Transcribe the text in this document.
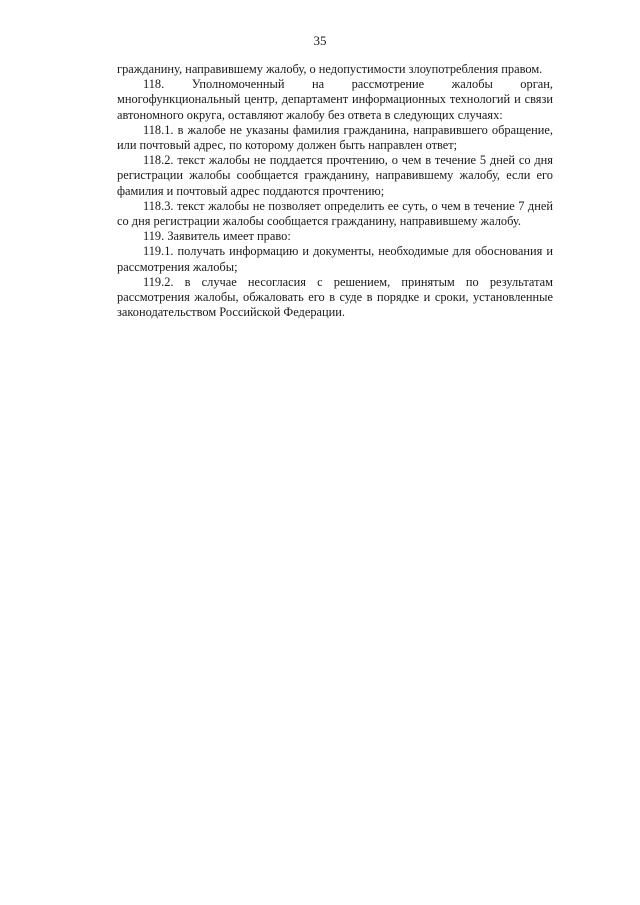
35

гражданину, направившему жалобу, о недопустимости злоупотребления правом.

118. Уполномоченный на рассмотрение жалобы орган, многофункциональный центр, департамент информационных технологий и связи автономного округа, оставляют жалобу без ответа в следующих случаях:

118.1. в жалобе не указаны фамилия гражданина, направившего обращение, или почтовый адрес, по которому должен быть направлен ответ;

118.2. текст жалобы не поддается прочтению, о чем в течение 5 дней со дня регистрации жалобы сообщается гражданину, направившему жалобу, если его фамилия и почтовый адрес поддаются прочтению;

118.3. текст жалобы не позволяет определить ее суть, о чем в течение 7 дней со дня регистрации жалобы сообщается гражданину, направившему жалобу.

119. Заявитель имеет право:

119.1. получать информацию и документы, необходимые для обоснования и рассмотрения жалобы;

119.2. в случае несогласия с решением, принятым по результатам рассмотрения жалобы, обжаловать его в суде в порядке и сроки, установленные законодательством Российской Федерации.
